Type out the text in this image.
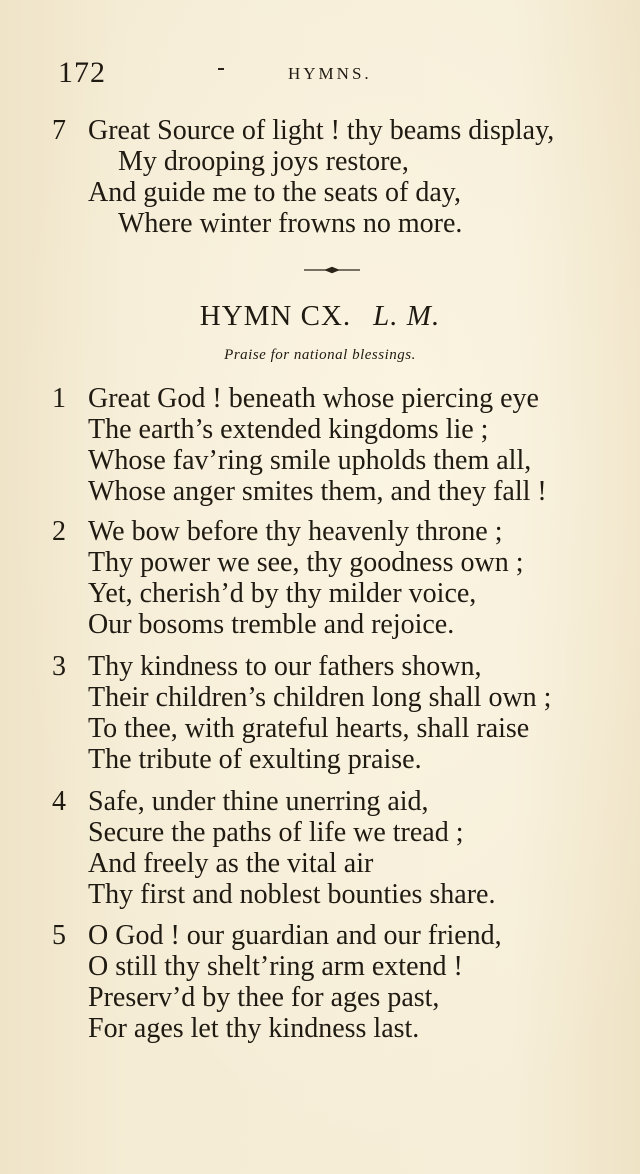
172	HYMNS.
7 Great Source of light ! thy beams display,
My drooping joys restore,
And guide me to the seats of day,
Where winter frowns no more.
HYMN CX. L. M.
Praise for national blessings.
1 Great God ! beneath whose piercing eye
The earth’s extended kingdoms lie ;
Whose fav’ring smile upholds them all,
Whose anger smites them, and they fall !
2 We bow before thy heavenly throne ;
Thy power we see, thy goodness own ;
Yet, cherish’d by thy milder voice,
Our bosoms tremble and rejoice.
3 Thy kindness to our fathers shown,
Their children’s children long shall own ;
To thee, with grateful hearts, shall raise
The tribute of exulting praise.
4 Safe, under thine unerring aid,
Secure the paths of life we tread ;
And freely as the vital air
Thy first and noblest bounties share.
5 O God ! our guardian and our friend,
O still thy shelt’ring arm extend !
Preserv’d by thee for ages past,
For ages let thy kindness last.
